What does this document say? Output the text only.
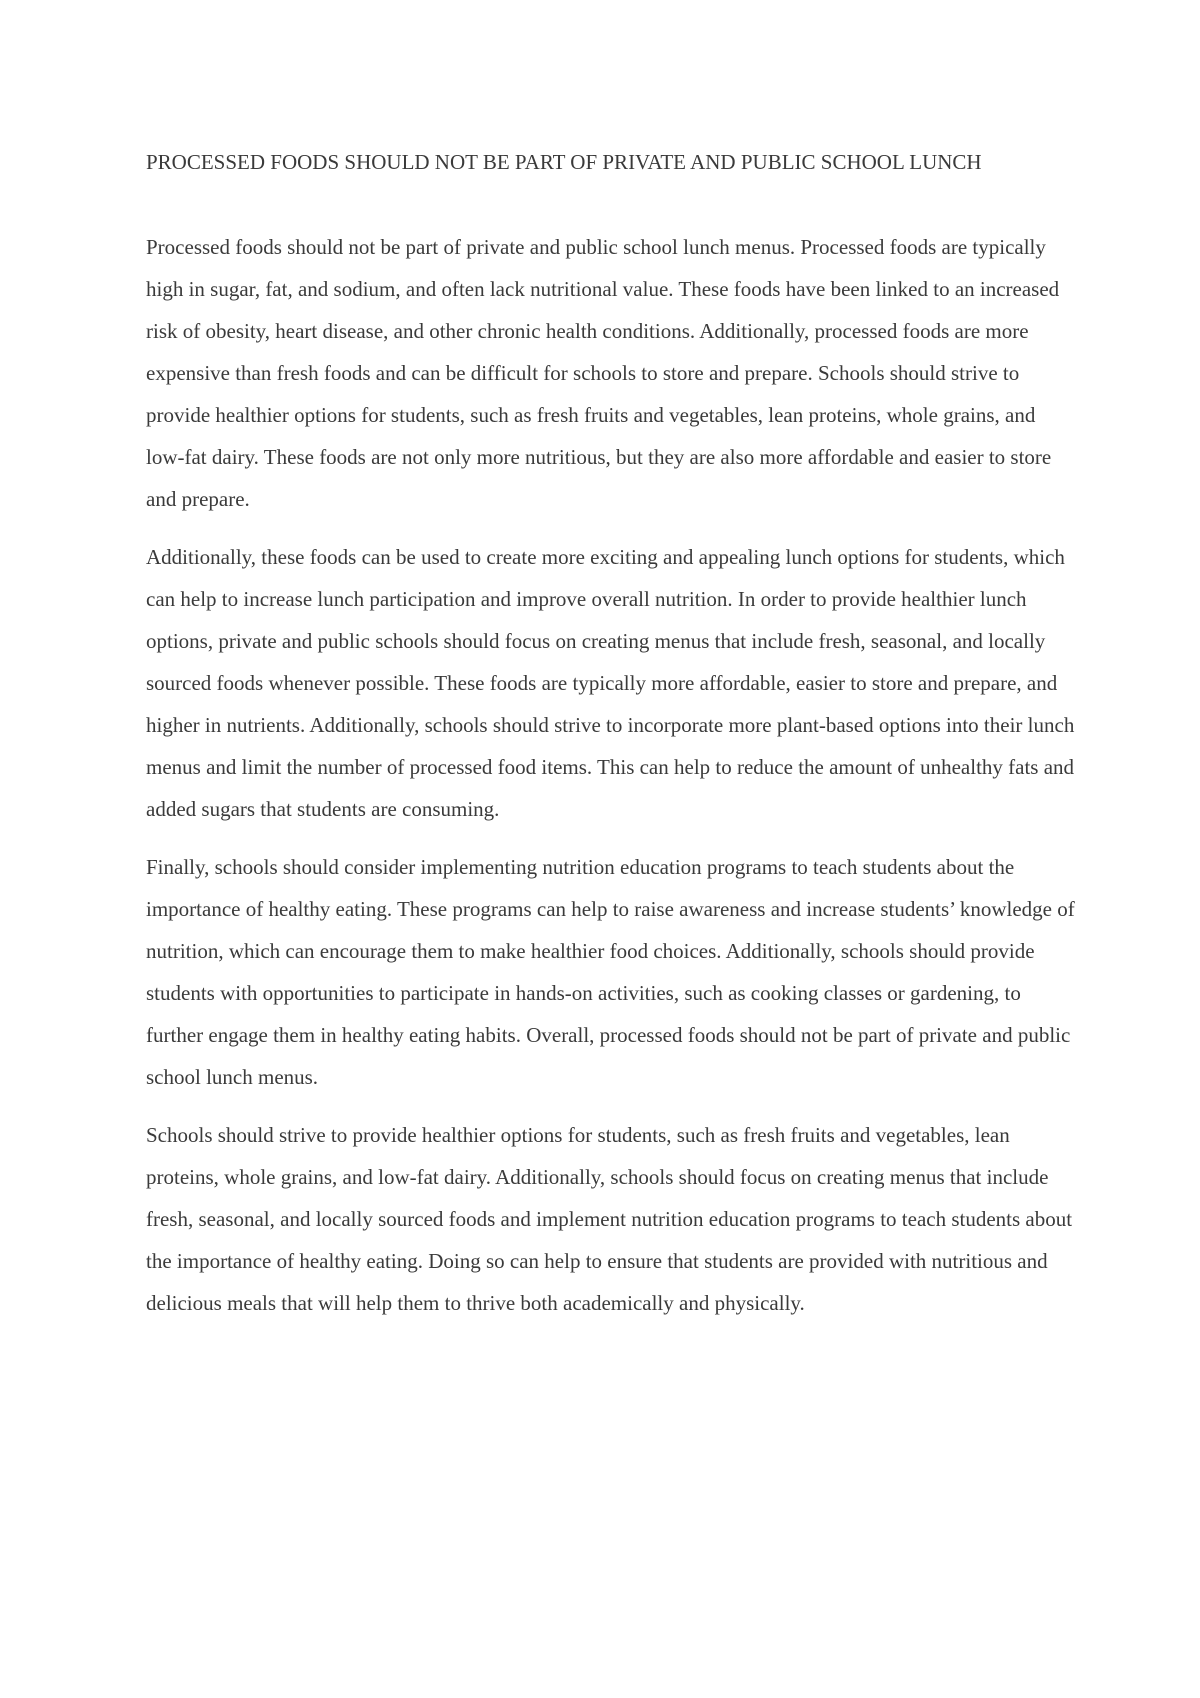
PROCESSED FOODS SHOULD NOT BE PART OF PRIVATE AND PUBLIC SCHOOL LUNCH

Processed foods should not be part of private and public school lunch menus. Processed foods are typically high in sugar, fat, and sodium, and often lack nutritional value. These foods have been linked to an increased risk of obesity, heart disease, and other chronic health conditions. Additionally, processed foods are more expensive than fresh foods and can be difficult for schools to store and prepare. Schools should strive to provide healthier options for students, such as fresh fruits and vegetables, lean proteins, whole grains, and low-fat dairy. These foods are not only more nutritious, but they are also more affordable and easier to store and prepare.

Additionally, these foods can be used to create more exciting and appealing lunch options for students, which can help to increase lunch participation and improve overall nutrition. In order to provide healthier lunch options, private and public schools should focus on creating menus that include fresh, seasonal, and locally sourced foods whenever possible. These foods are typically more affordable, easier to store and prepare, and higher in nutrients. Additionally, schools should strive to incorporate more plant-based options into their lunch menus and limit the number of processed food items. This can help to reduce the amount of unhealthy fats and added sugars that students are consuming.

Finally, schools should consider implementing nutrition education programs to teach students about the importance of healthy eating. These programs can help to raise awareness and increase students’ knowledge of nutrition, which can encourage them to make healthier food choices. Additionally, schools should provide students with opportunities to participate in hands-on activities, such as cooking classes or gardening, to further engage them in healthy eating habits. Overall, processed foods should not be part of private and public school lunch menus.

Schools should strive to provide healthier options for students, such as fresh fruits and vegetables, lean proteins, whole grains, and low-fat dairy. Additionally, schools should focus on creating menus that include fresh, seasonal, and locally sourced foods and implement nutrition education programs to teach students about the importance of healthy eating. Doing so can help to ensure that students are provided with nutritious and delicious meals that will help them to thrive both academically and physically.
